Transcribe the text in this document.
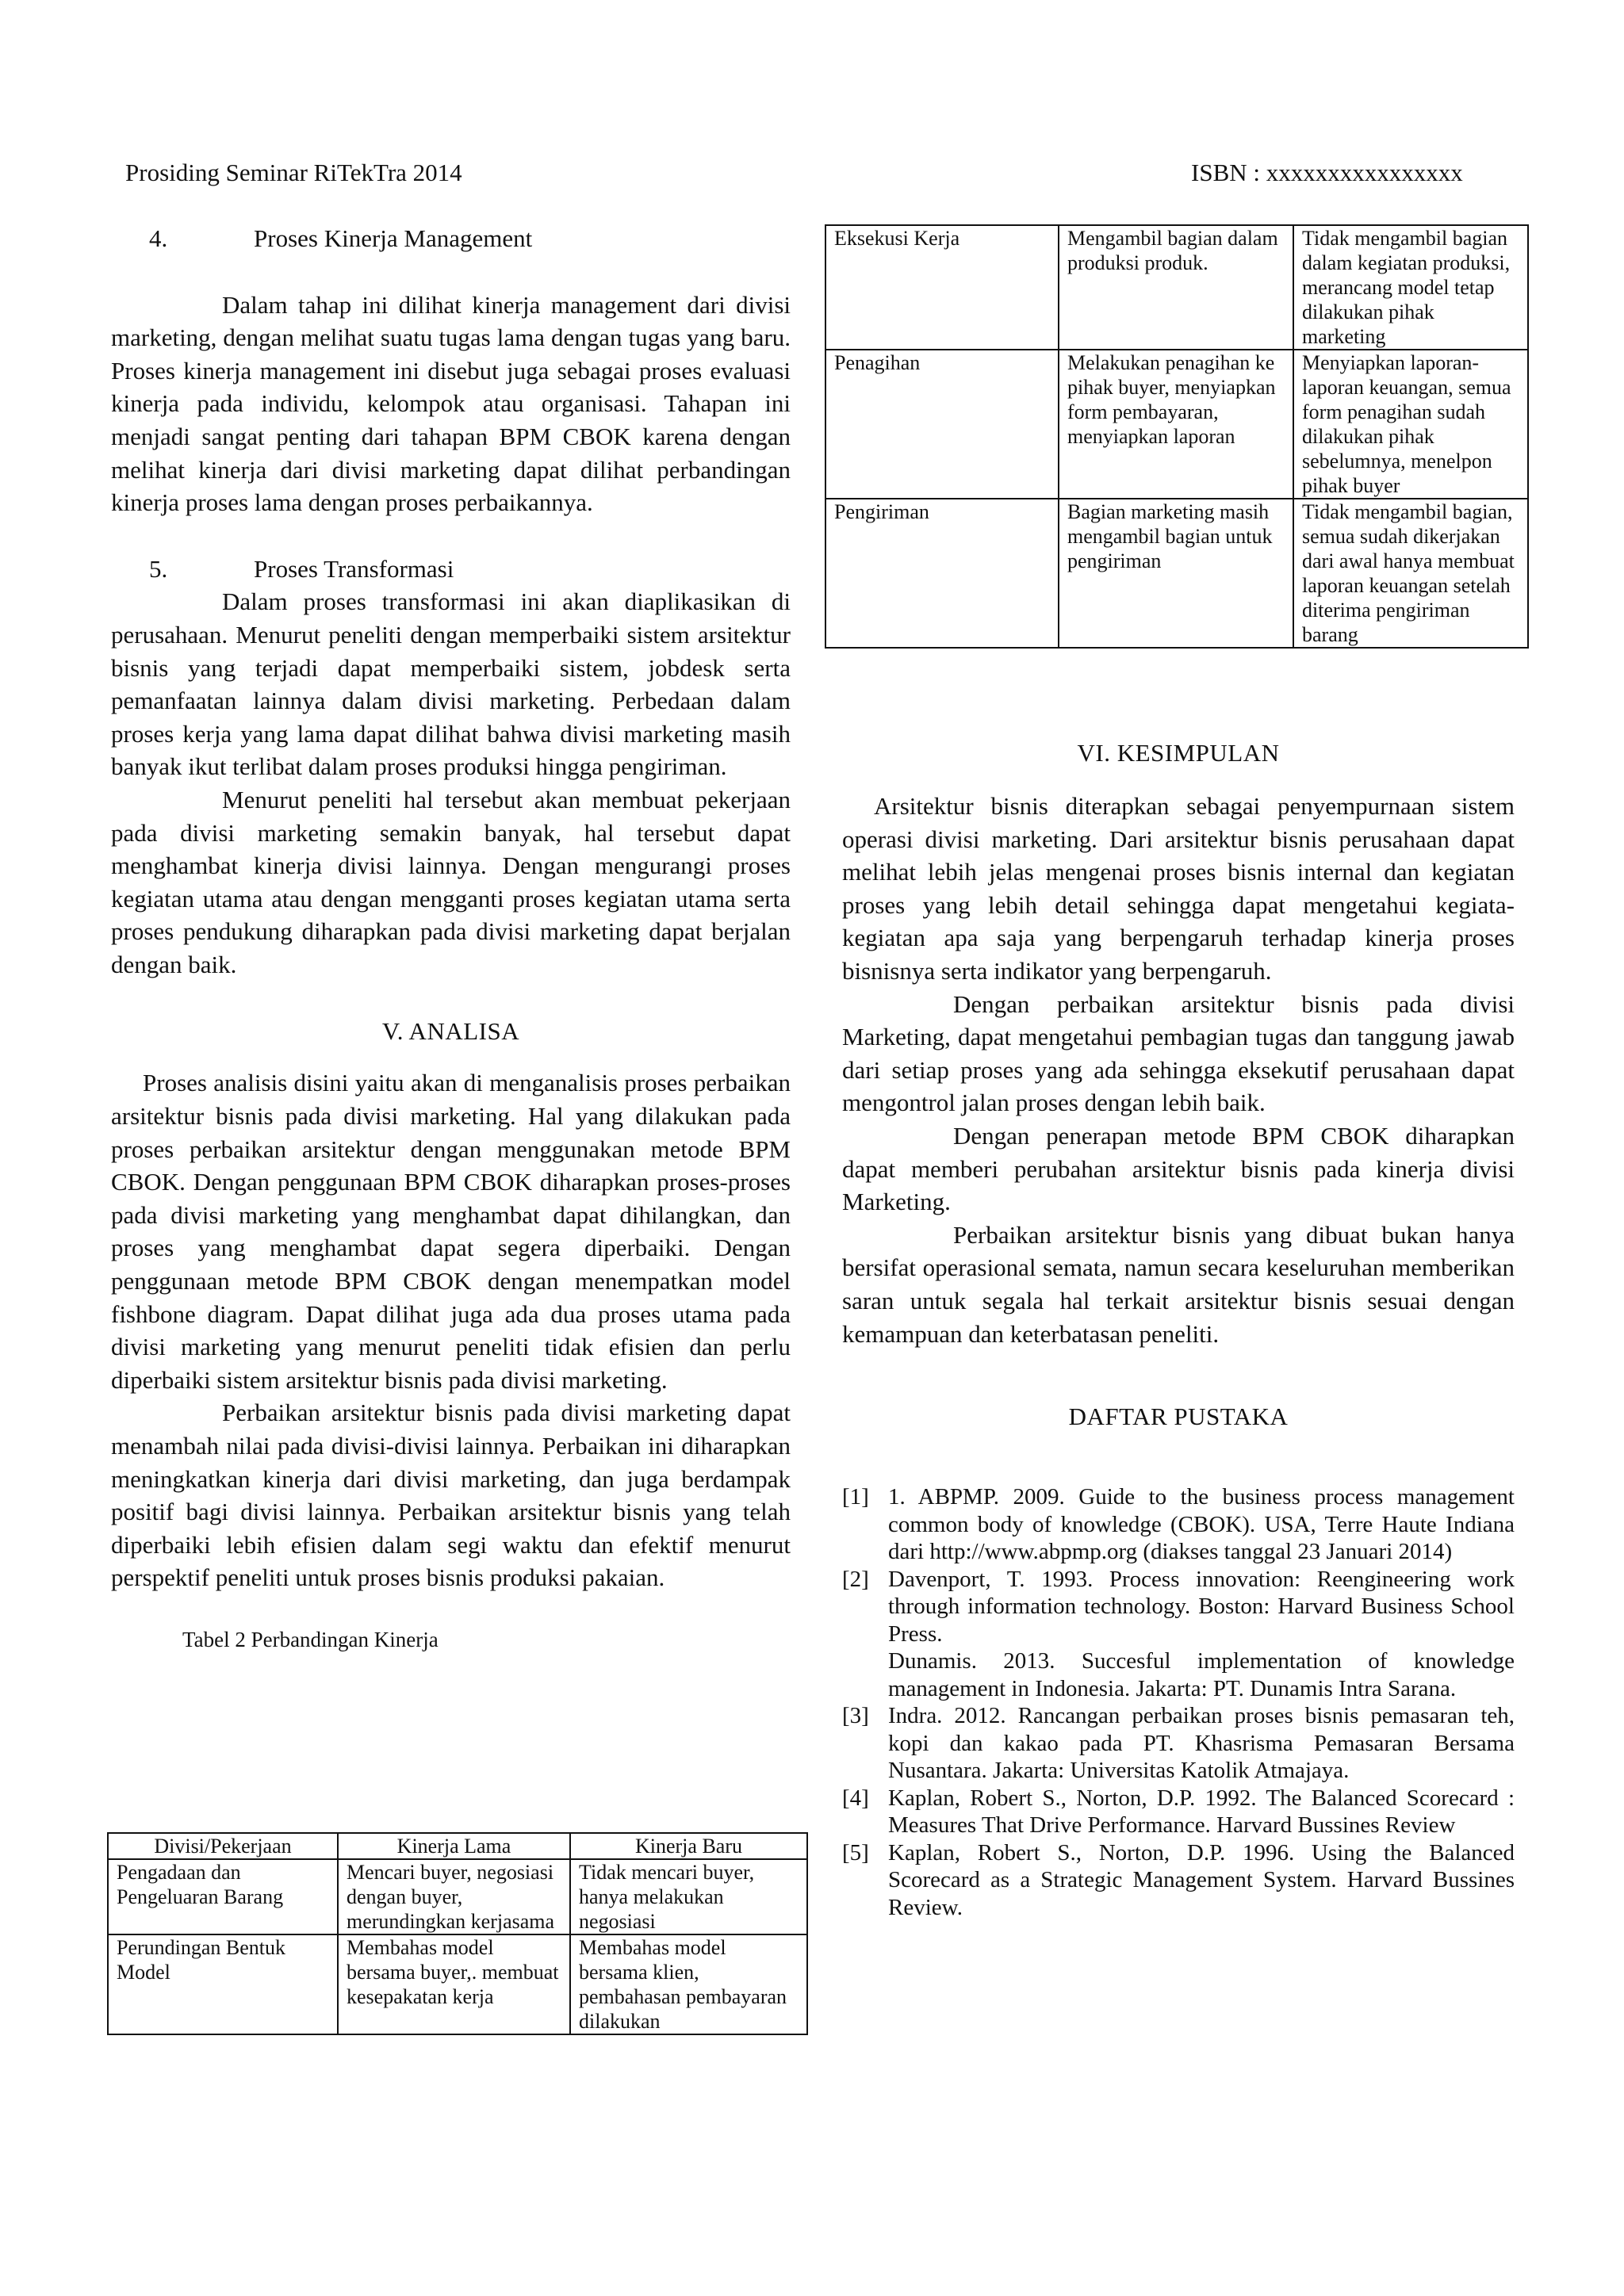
Prosiding Seminar RiTekTra 2014	ISBN : xxxxxxxxxxxxxxxx
4.	Proses Kinerja Management

Dalam tahap ini dilihat kinerja management dari divisi marketing, dengan melihat suatu tugas lama dengan tugas yang baru. Proses kinerja management ini disebut juga sebagai proses evaluasi kinerja pada individu, kelompok atau organisasi. Tahapan ini menjadi sangat penting dari tahapan BPM CBOK karena dengan melihat kinerja dari divisi marketing dapat dilihat perbandingan kinerja proses lama dengan proses perbaikannya.

5.	Proses Transformasi

Dalam proses transformasi ini akan diaplikasikan di perusahaan. Menurut peneliti dengan memperbaiki sistem arsitektur bisnis yang terjadi dapat memperbaiki sistem, jobdesk serta pemanfaatan lainnya dalam divisi marketing. Perbedaan dalam proses kerja yang lama dapat dilihat bahwa divisi marketing masih banyak ikut terlibat dalam proses produksi hingga pengiriman.

Menurut peneliti hal tersebut akan membuat pekerjaan pada divisi marketing semakin banyak, hal tersebut dapat menghambat kinerja divisi lainnya. Dengan mengurangi proses kegiatan utama atau dengan mengganti proses kegiatan utama serta proses pendukung diharapkan pada divisi marketing dapat berjalan dengan baik.

V. ANALISA

Proses analisis disini yaitu akan di menganalisis proses perbaikan arsitektur bisnis pada divisi marketing. Hal yang dilakukan pada proses perbaikan arsitektur dengan menggunakan metode BPM CBOK. Dengan penggunaan BPM CBOK diharapkan proses-proses pada divisi marketing yang menghambat dapat dihilangkan, dan proses yang menghambat dapat segera diperbaiki. Dengan penggunaan metode BPM CBOK dengan menempatkan model fishbone diagram. Dapat dilihat juga ada dua proses utama pada divisi marketing yang menurut peneliti tidak efisien dan perlu diperbaiki sistem arsitektur bisnis pada divisi marketing.

Perbaikan arsitektur bisnis pada divisi marketing dapat menambah nilai pada divisi-divisi lainnya. Perbaikan ini diharapkan meningkatkan kinerja dari divisi marketing, dan juga berdampak positif bagi divisi lainnya. Perbaikan arsitektur bisnis yang telah diperbaiki lebih efisien dalam segi waktu dan efektif menurut perspektif peneliti untuk proses bisnis produksi pakaian.

Tabel 2 Perbandingan Kinerja
Divisi/Pekerjaan	Kinerja Lama	Kinerja Baru
Pengadaan dan Pengeluaran Barang	Mencari buyer, negosiasi dengan buyer, merundingkan kerjasama	Tidak mencari buyer, hanya melakukan negosiasi
Perundingan Bentuk Model	Membahas model bersama buyer,. membuat kesepakatan kerja	Membahas model bersama klien, pembahasan pembayaran dilakukan
Eksekusi Kerja	Mengambil bagian dalam produksi produk.	Tidak mengambil bagian dalam kegiatan produksi, merancang model tetap dilakukan pihak marketing
Penagihan	Melakukan penagihan ke pihak buyer, menyiapkan form pembayaran, menyiapkan laporan	Menyiapkan laporan-laporan keuangan, semua form penagihan sudah dilakukan pihak sebelumnya, menelpon pihak buyer
Pengiriman	Bagian marketing masih mengambil bagian untuk pengiriman	Tidak mengambil bagian, semua sudah dikerjakan dari awal hanya membuat laporan keuangan setelah diterima pengiriman barang
VI. KESIMPULAN

Arsitektur bisnis diterapkan sebagai penyempurnaan sistem operasi divisi marketing. Dari arsitektur bisnis perusahaan dapat melihat lebih jelas mengenai proses bisnis internal dan kegiatan proses yang lebih detail sehingga dapat mengetahui kegiata-kegiatan apa saja yang berpengaruh terhadap kinerja proses bisnisnya serta indikator yang berpengaruh.

Dengan perbaikan arsitektur bisnis pada divisi Marketing, dapat mengetahui pembagian tugas dan tanggung jawab dari setiap proses yang ada sehingga eksekutif perusahaan dapat mengontrol jalan proses dengan lebih baik.

Dengan penerapan metode BPM CBOK diharapkan dapat memberi perubahan arsitektur bisnis pada kinerja divisi Marketing.

Perbaikan arsitektur bisnis yang dibuat bukan hanya bersifat operasional semata, namun secara keseluruhan memberikan saran untuk segala hal terkait arsitektur bisnis sesuai dengan kemampuan dan keterbatasan peneliti.

DAFTAR PUSTAKA
[1] 1. ABPMP. 2009. Guide to the business process management common body of knowledge (CBOK). USA, Terre Haute Indiana dari http://www.abpmp.org (diakses tanggal 23 Januari 2014)
[2] Davenport, T. 1993. Process innovation: Reengineering work through information technology. Boston: Harvard Business School Press.
Dunamis. 2013. Succesful implementation of knowledge management in Indonesia. Jakarta: PT. Dunamis Intra Sarana.
[3] Indra. 2012. Rancangan perbaikan proses bisnis pemasaran teh, kopi dan kakao pada PT. Khasrisma Pemasaran Bersama Nusantara. Jakarta: Universitas Katolik Atmajaya.
[4] Kaplan, Robert S., Norton, D.P. 1992. The Balanced Scorecard : Measures That Drive Performance. Harvard Bussines Review
[5] Kaplan, Robert S., Norton, D.P. 1996. Using the Balanced Scorecard as a Strategic Management System. Harvard Bussines Review.
